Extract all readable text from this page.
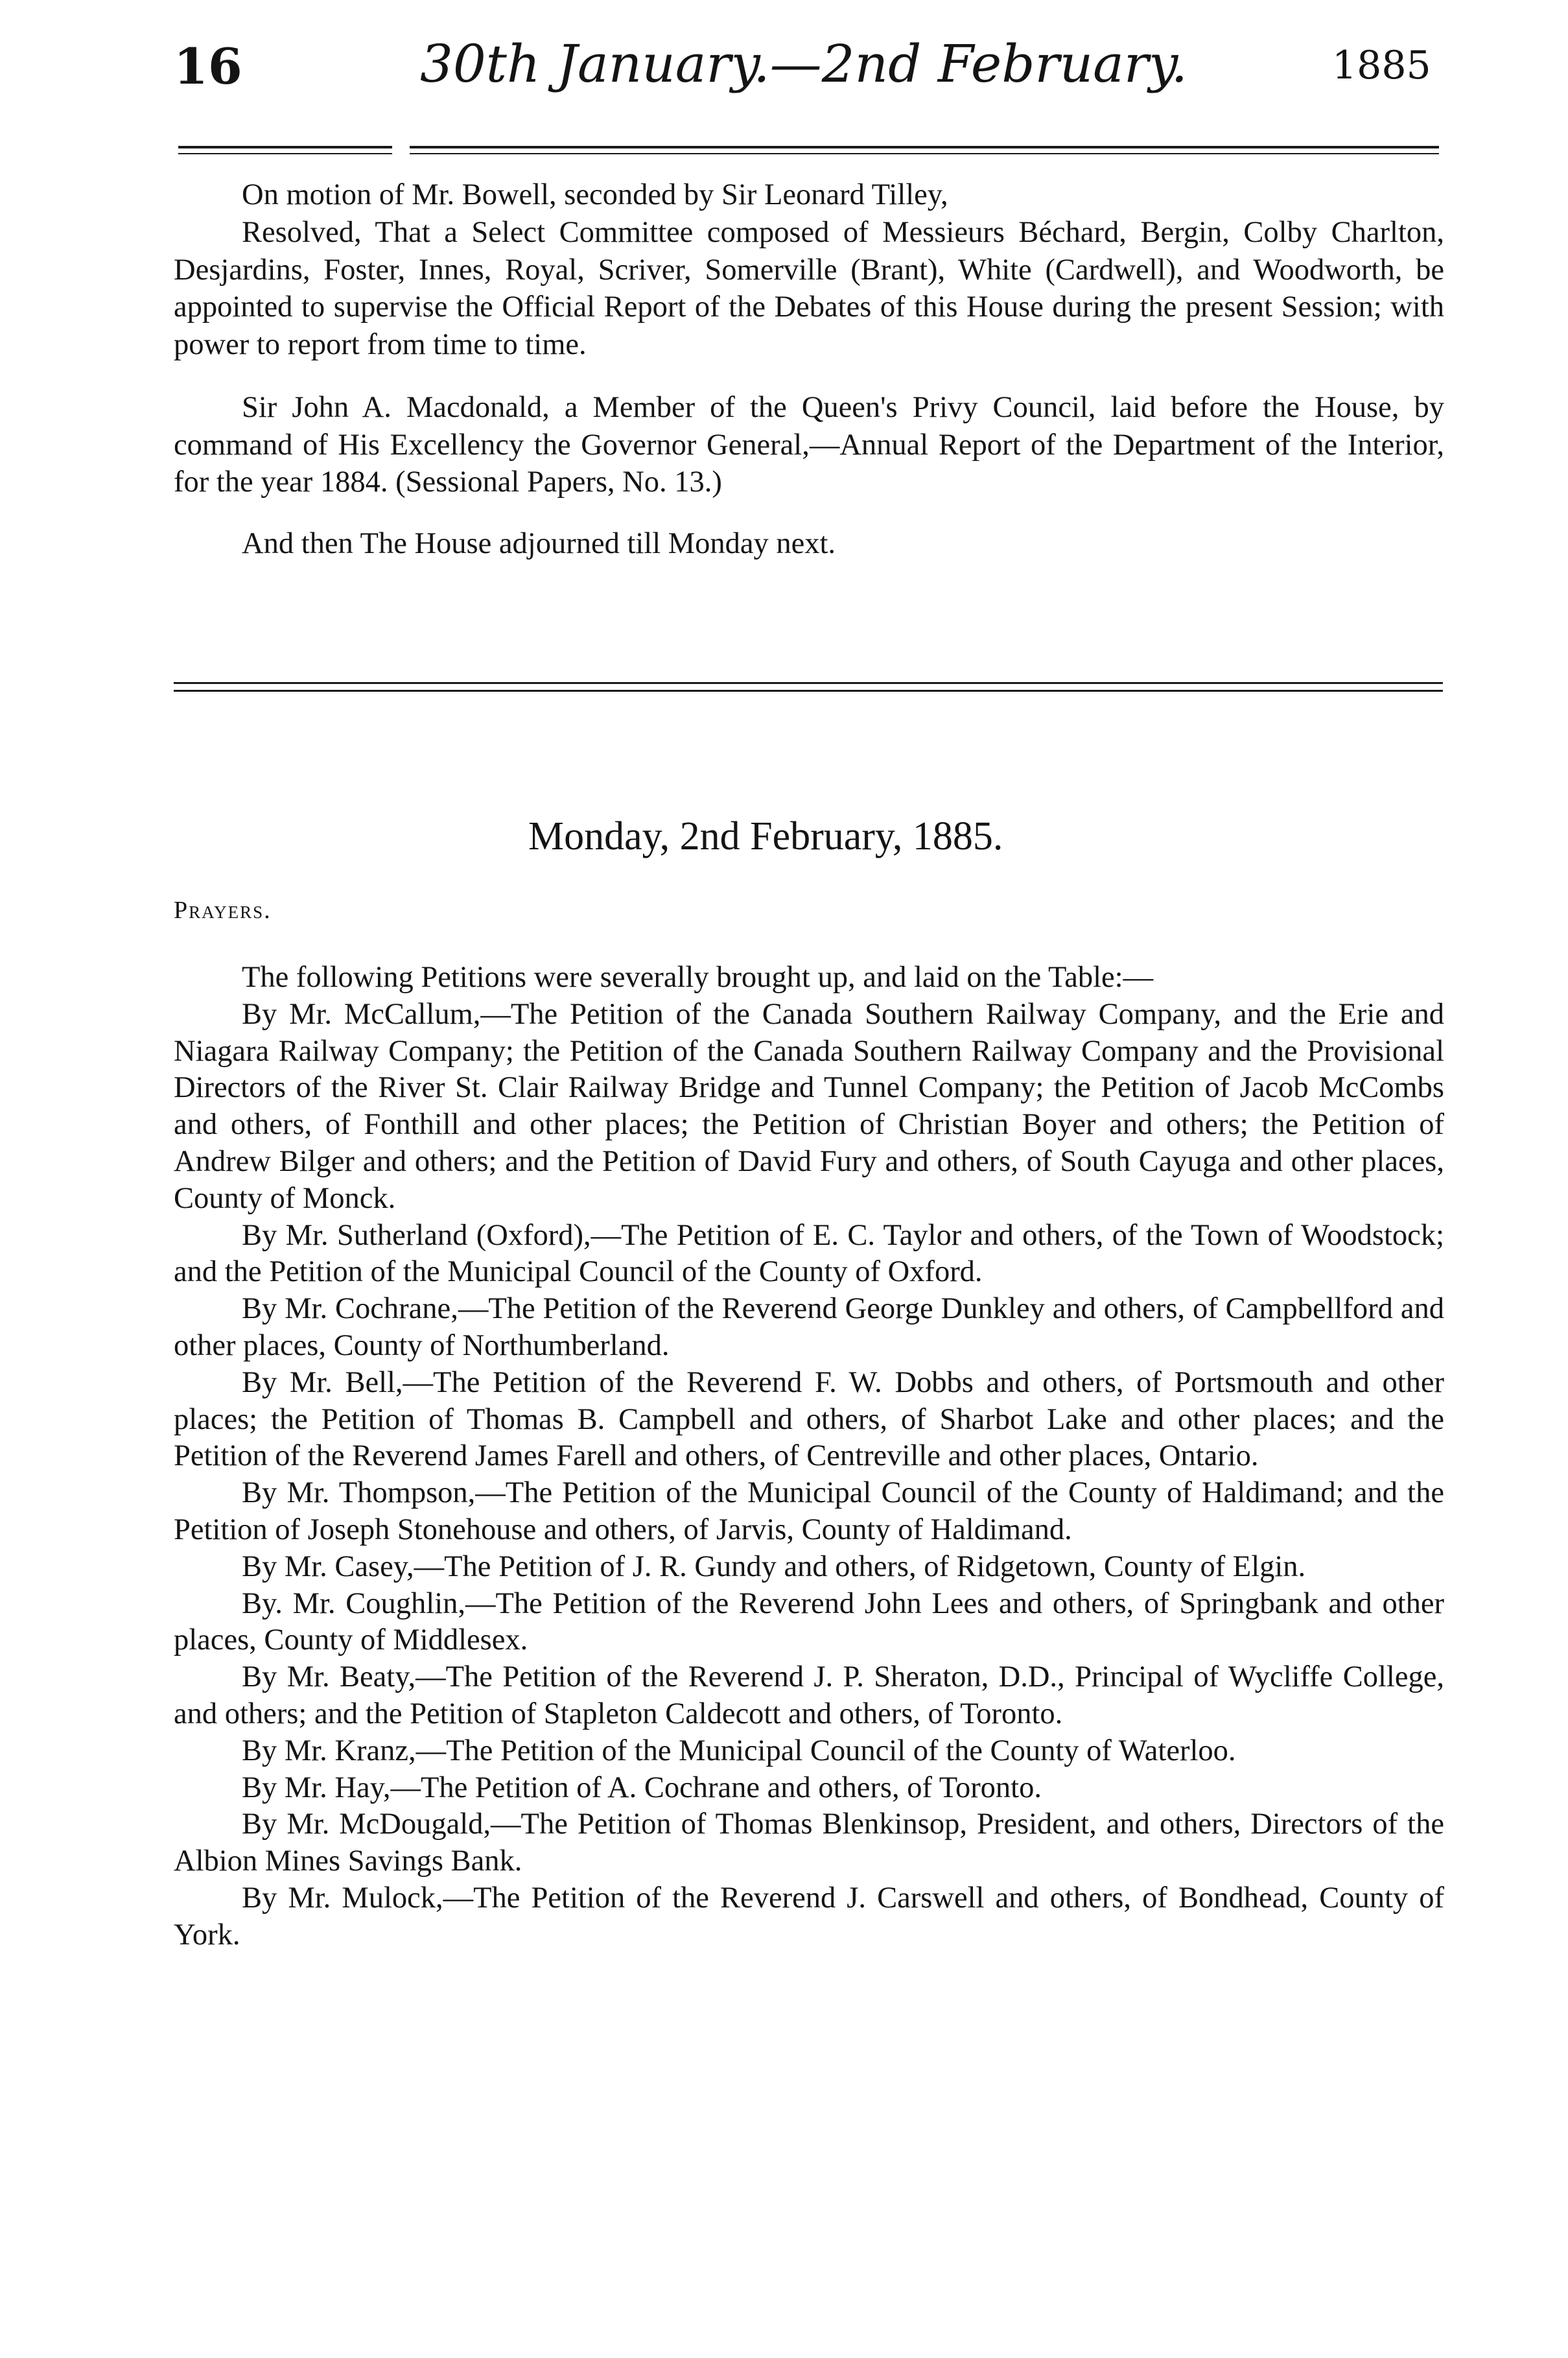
16	30th January.—2nd February.	1885

On motion of Mr. Bowell, seconded by Sir Leonard Tilley,

Resolved, That a Select Committee composed of Messieurs Béchard, Bergin, Colby Charlton, Desjardins, Foster, Innes, Royal, Scriver, Somerville (Brant), White (Cardwell), and Woodworth, be appointed to supervise the Official Report of the Debates of this House during the present Session; with power to report from time to time.

Sir John A. Macdonald, a Member of the Queen's Privy Council, laid before the House, by command of His Excellency the Governor General,—Annual Report of the Department of the Interior, for the year 1884. (Sessional Papers, No. 13.)

And then The House adjourned till Monday next.

Monday, 2nd February, 1885.
Prayers.

The following Petitions were severally brought up, and laid on the Table:—

By Mr. McCallum,—The Petition of the Canada Southern Railway Company, and the Erie and Niagara Railway Company; the Petition of the Canada Southern Railway Company and the Provisional Directors of the River St. Clair Railway Bridge and Tunnel Company; the Petition of Jacob McCombs and others, of Fonthill and other places; the Petition of Christian Boyer and others; the Petition of Andrew Bilger and others; and the Petition of David Fury and others, of South Cayuga and other places, County of Monck.

By Mr. Sutherland (Oxford),—The Petition of E. C. Taylor and others, of the Town of Woodstock; and the Petition of the Municipal Council of the County of Oxford.

By Mr. Cochrane,—The Petition of the Reverend George Dunkley and others, of Campbellford and other places, County of Northumberland.

By Mr. Bell,—The Petition of the Reverend F. W. Dobbs and others, of Portsmouth and other places; the Petition of Thomas B. Campbell and others, of Sharbot Lake and other places; and the Petition of the Reverend James Farell and others, of Centreville and other places, Ontario.

By Mr. Thompson,—The Petition of the Municipal Council of the County of Haldimand; and the Petition of Joseph Stonehouse and others, of Jarvis, County of Haldimand.

By Mr. Casey,—The Petition of J. R. Gundy and others, of Ridgetown, County of Elgin.

By. Mr. Coughlin,—The Petition of the Reverend John Lees and others, of Springbank and other places, County of Middlesex.

By Mr. Beaty,—The Petition of the Reverend J. P. Sheraton, D.D., Principal of Wycliffe College, and others; and the Petition of Stapleton Caldecott and others, of Toronto.

By Mr. Kranz,—The Petition of the Municipal Council of the County of Waterloo.

By Mr. Hay,—The Petition of A. Cochrane and others, of Toronto.

By Mr. McDougald,—The Petition of Thomas Blenkinsop, President, and others, Directors of the Albion Mines Savings Bank.

By Mr. Mulock,—The Petition of the Reverend J. Carswell and others, of Bondhead, County of York.
